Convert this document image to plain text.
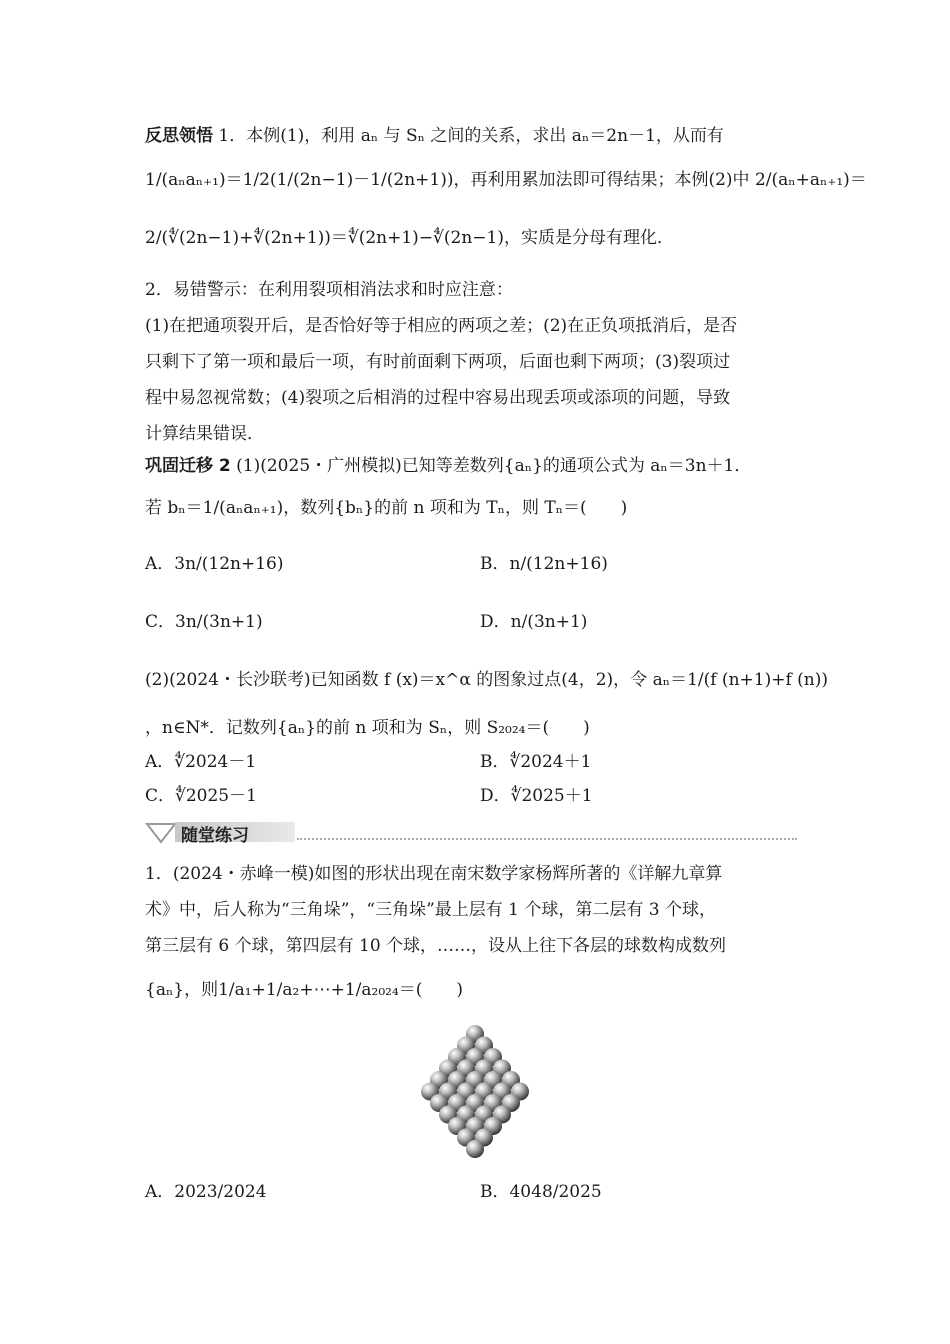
反思领悟 1．本例(1)，利用 aₙ 与 Sₙ 之间的关系，求出 aₙ＝2n－1，从而有
1/(aₙaₙ₊₁)＝1/2(1/(2n−1)－1/(2n+1))，再利用累加法即可得结果；本例(2)中 2/(aₙ+aₙ₊₁)＝
2/(∜(2n−1)+∜(2n+1))＝∜(2n+1)−∜(2n−1)，实质是分母有理化．
2．易错警示：在利用裂项相消法求和时应注意：
(1)在把通项裂开后，是否恰好等于相应的两项之差；(2)在正负项抵消后，是否
只剩下了第一项和最后一项，有时前面剩下两项，后面也剩下两项；(3)裂项过
程中易忽视常数；(4)裂项之后相消的过程中容易出现丢项或添项的问题，导致
计算结果错误．
巩固迁移 2 (1)(2025・广州模拟)已知等差数列{aₙ}的通项公式为 aₙ＝3n＋1．
若 bₙ＝1/(aₙaₙ₊₁)，数列{bₙ}的前 n 项和为 Tₙ，则 Tₙ＝(　　)
A．3n/(12n+16)	B．n/(12n+16)
C．3n/(3n+1)	D．n/(3n+1)
(2)(2024・长沙联考)已知函数 f (x)＝x^α 的图象过点(4，2)，令 aₙ＝1/(f (n+1)+f (n))
，n∈N*．记数列{aₙ}的前 n 项和为 Sₙ，则 S₂₀₂₄＝(　　)
A．∜2024－1	B．∜2024＋1
C．∜2025－1	D．∜2025＋1
随堂练习
1．(2024・赤峰一模)如图的形状出现在南宋数学家杨辉所著的《详解九章算
术》中，后人称为“三角垛”，“三角垛”最上层有 1 个球，第二层有 3 个球，
第三层有 6 个球，第四层有 10 个球，……，设从上往下各层的球数构成数列
{aₙ}，则1/a₁+1/a₂+⋯+1/a₂₀₂₄＝(　　)
A．2023/2024	B．4048/2025
